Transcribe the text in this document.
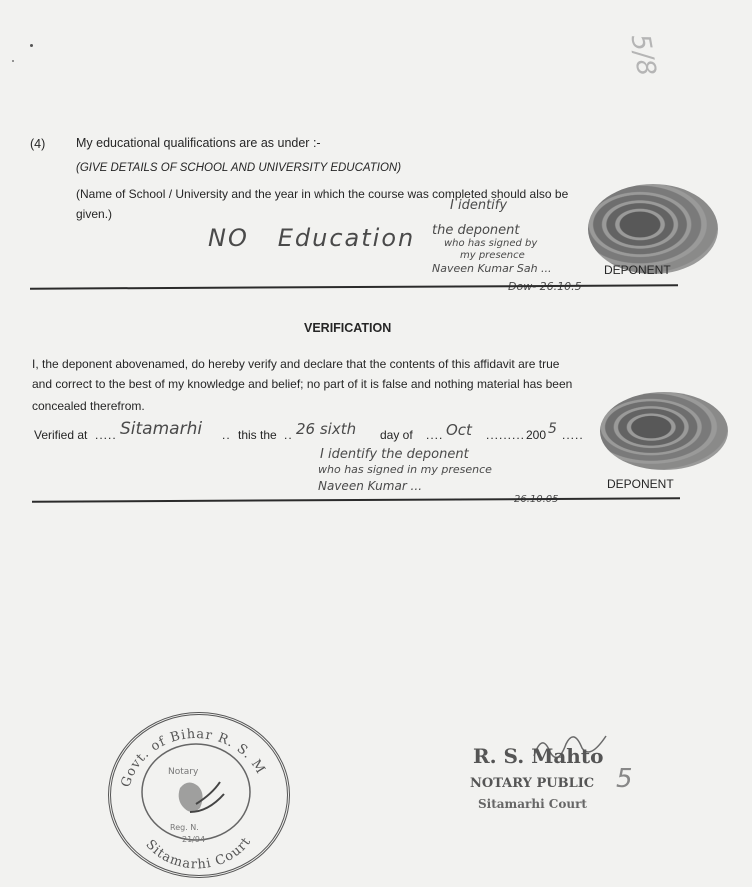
5/8
(4) My educational qualifications are as under :-
(GIVE DETAILS OF SCHOOL AND UNIVERSITY EDUCATION)
(Name of School / University and the year in which the course was completed should also be
given.)
NO   Education
I identify
the deponent
who has signed by
my presence
Naveen Kumar Sah ...	DEPONENT
VERIFICATION
I, the deponent abovenamed, do hereby verify and declare that the contents of this affidavit are true
and correct to the best of my knowledge and belief; no part of it is false and nothing material has been
concealed therefrom.
Verified at ..... Sitamarhi .. this the .. 26 sixth day of .... Oct ......... 200 5 .....
I identify the deponent
who has signed in my presence
Naveen Kumar ...	DEPONENT
Govt. of Bihar R. S. M
Sitamarhi Court
Notary
Reg. N.
21/94
R. S. Mahto
NOTARY PUBLIC 5
Sitamarhi Court
